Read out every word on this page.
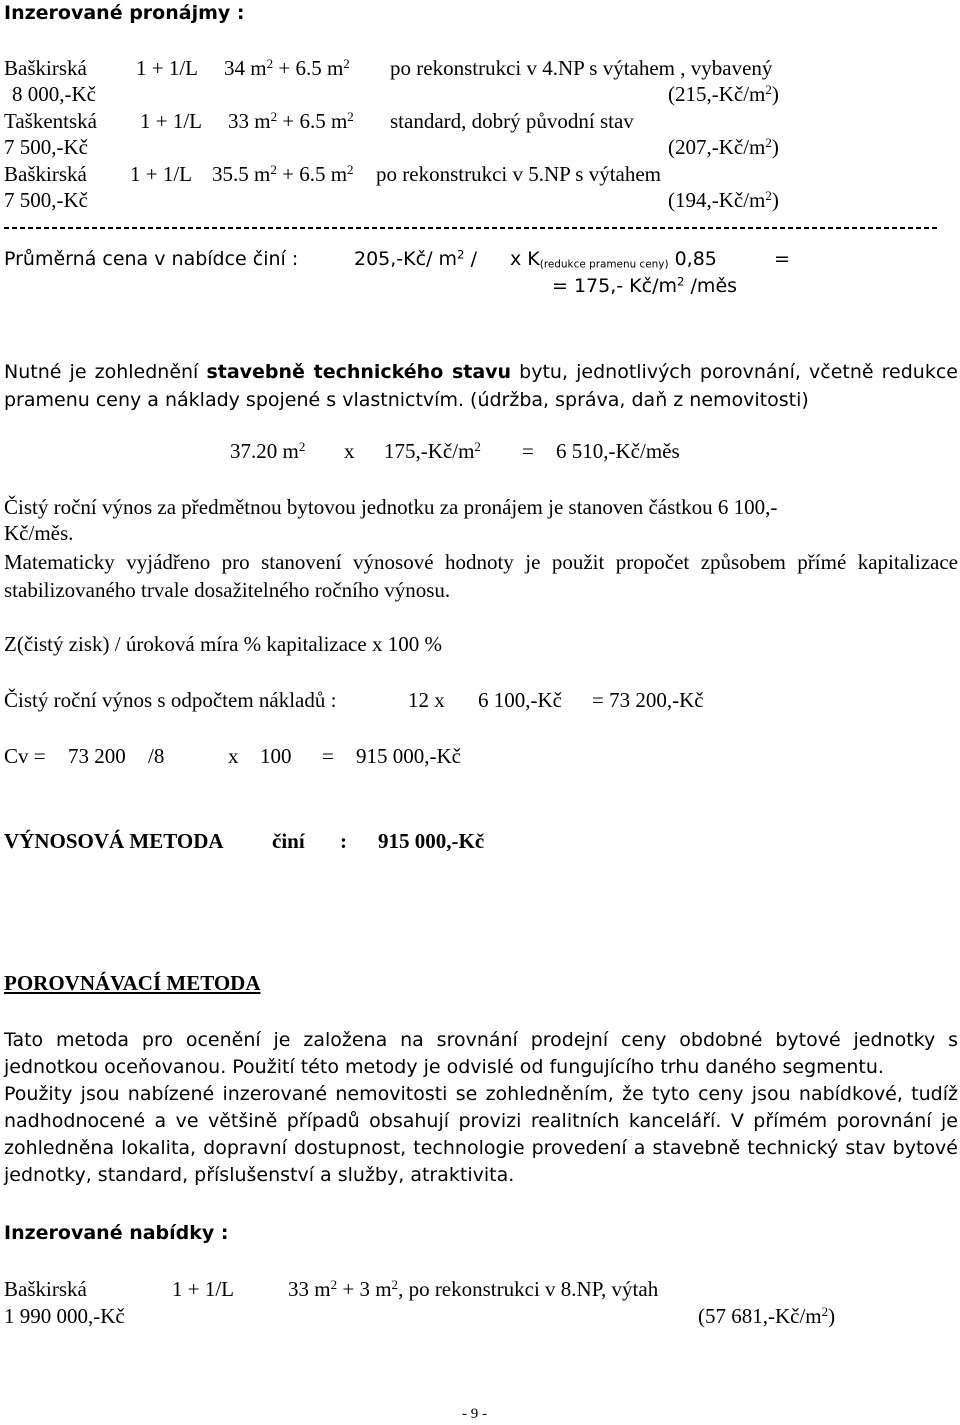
Inzerované pronájmy :
Baškirská 1 + 1/L 34 $m^2 + 6.5$ $m^2$ po rekonstrukci v 4.NP s výtahem , vybavený
8 000,-Kč	$(215,-Kč/m^2)$
Taškentská 1 + 1/L 33 $m^2 + 6.5$ $m^2$ standard, dobrý původní stav
7 500,-Kč	$(207,-Kč/m^2)$
Baškirská 1 + 1/L 35.5 $m^2 + 6.5$ $m^2$ po rekonstrukci v 5.NP s výtahem
7 500,-Kč	$(194,-Kč/m^2)$
Průměrná cena v nabídce činí :	205,-Kč/ $m^2$ / x $K_{(redukce pramenu ceny)}$ 0,85	=
= 175,- $Kč/m^2$ /měs
Nutné je zohlednění stavebně technického stavu bytu, jednotlivých porovnání, včetně redukce pramenu ceny a náklady spojené s vlastnictvím. (údržba, správa, daň z nemovitosti)
37.20 $m^2$ x $175,-Kč/m^2 = 6$ 510,-Kč/měs
Čistý roční výnos za předmětnou bytovou jednotku za pronájem je stanoven částkou 6 100,-Kč/měs.
Matematicky vyjádřeno pro stanovení výnosové hodnoty je použit propočet způsobem přímé kapitalizace stabilizovaného trvale dosažitelného ročního výnosu.
Z(čistý zisk) / úroková míra % kapitalizace x 100 %
Čistý roční výnos s odpočtem nákladů :	12 x 6 100,-Kč = 73 200,-Kč
Cv = 73 200 /8	x 100 = 915 000,-Kč
VÝNOSOVÁ METODA činí : 915 000,-Kč
POROVNÁVACÍ METODA
Tato metoda pro ocenění je založena na srovnání prodejní ceny obdobné bytové jednotky s jednotkou oceňovanou. Použití této metody je odvislé od fungujícího trhu daného segmentu.
Použity jsou nabízené inzerované nemovitosti se zohledněním, že tyto ceny jsou nabídkové, tudíž nadhodnocené a ve většině případů obsahují provizi realitních kanceláří. V přímém porovnání je zohledněna lokalita, dopravní dostupnost, technologie provedení a stavebně technický stav bytové jednotky, standard, příslušenství a služby, atraktivita.
Inzerované nabídky :
Baškirská	1 + 1/L	33 $m^2 + 3$ $m^2$, po rekonstrukci v 8.NP, výtah
1 990 000,-Kč	(57 $681,-Kč/m^2$)
- 9 -
